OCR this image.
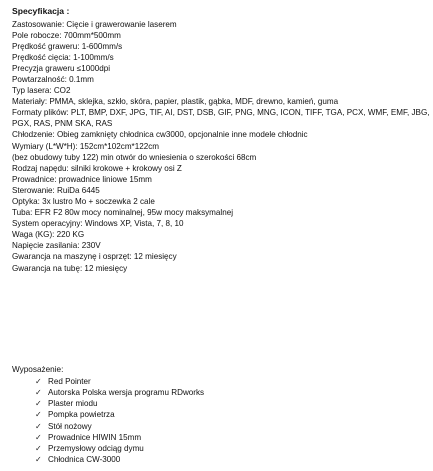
Specyfikacja :
Zastosowanie: Cięcie i grawerowanie laserem
Pole robocze: 700mm*500mm
Prędkość graweru: 1-600mm/s
Prędkość cięcia: 1-100mm/s
Precyzja graweru ≤1000dpi
Powtarzalność: 0.1mm
Typ lasera: CO2
Materiały: PMMA, sklejka, szkło, skóra, papier, plastik, gąbka, MDF, drewno, kamień, guma
Formaty plików: PLT, BMP, DXF, JPG, TIF, AI, DST, DSB, GIF, PNG, MNG, ICON, TIFF, TGA, PCX, WMF, EMF, JBG, PGX, RAS, PNM SKA, RAS
Chłodzenie: Obieg zamknięty chłodnica cw3000, opcjonalnie inne modele chłodnic
Wymiary (L*W*H): 152cm*102cm*122cm
(bez obudowy tuby 122) min otwór do wniesienia o szerokości 68cm
Rodzaj napędu: silniki krokowe + krokowy osi Z
Prowadnice: prowadnice liniowe 15mm
Sterowanie: RuiDa 6445
Optyka: 3x lustro Mo + soczewka 2 cale
Tuba: EFR F2 80w mocy nominalnej, 95w mocy maksymalnej
System operacyjny: Windows XP, Vista, 7, 8, 10
Waga (KG): 220 KG
Napięcie zasilania: 230V
Gwarancja na maszynę i osprzęt: 12 miesięcy
Gwarancja na tubę: 12 miesięcy
Wyposażenie:
✓ Red Pointer
✓ Autorska Polska wersja programu RDworks
✓ Plaster miodu
✓ Pompka powietrza
✓ Stół nożowy
✓ Prowadnice HIWIN 15mm
✓ Przemysłowy odciąg dymu
✓ Chłodnica CW-3000
